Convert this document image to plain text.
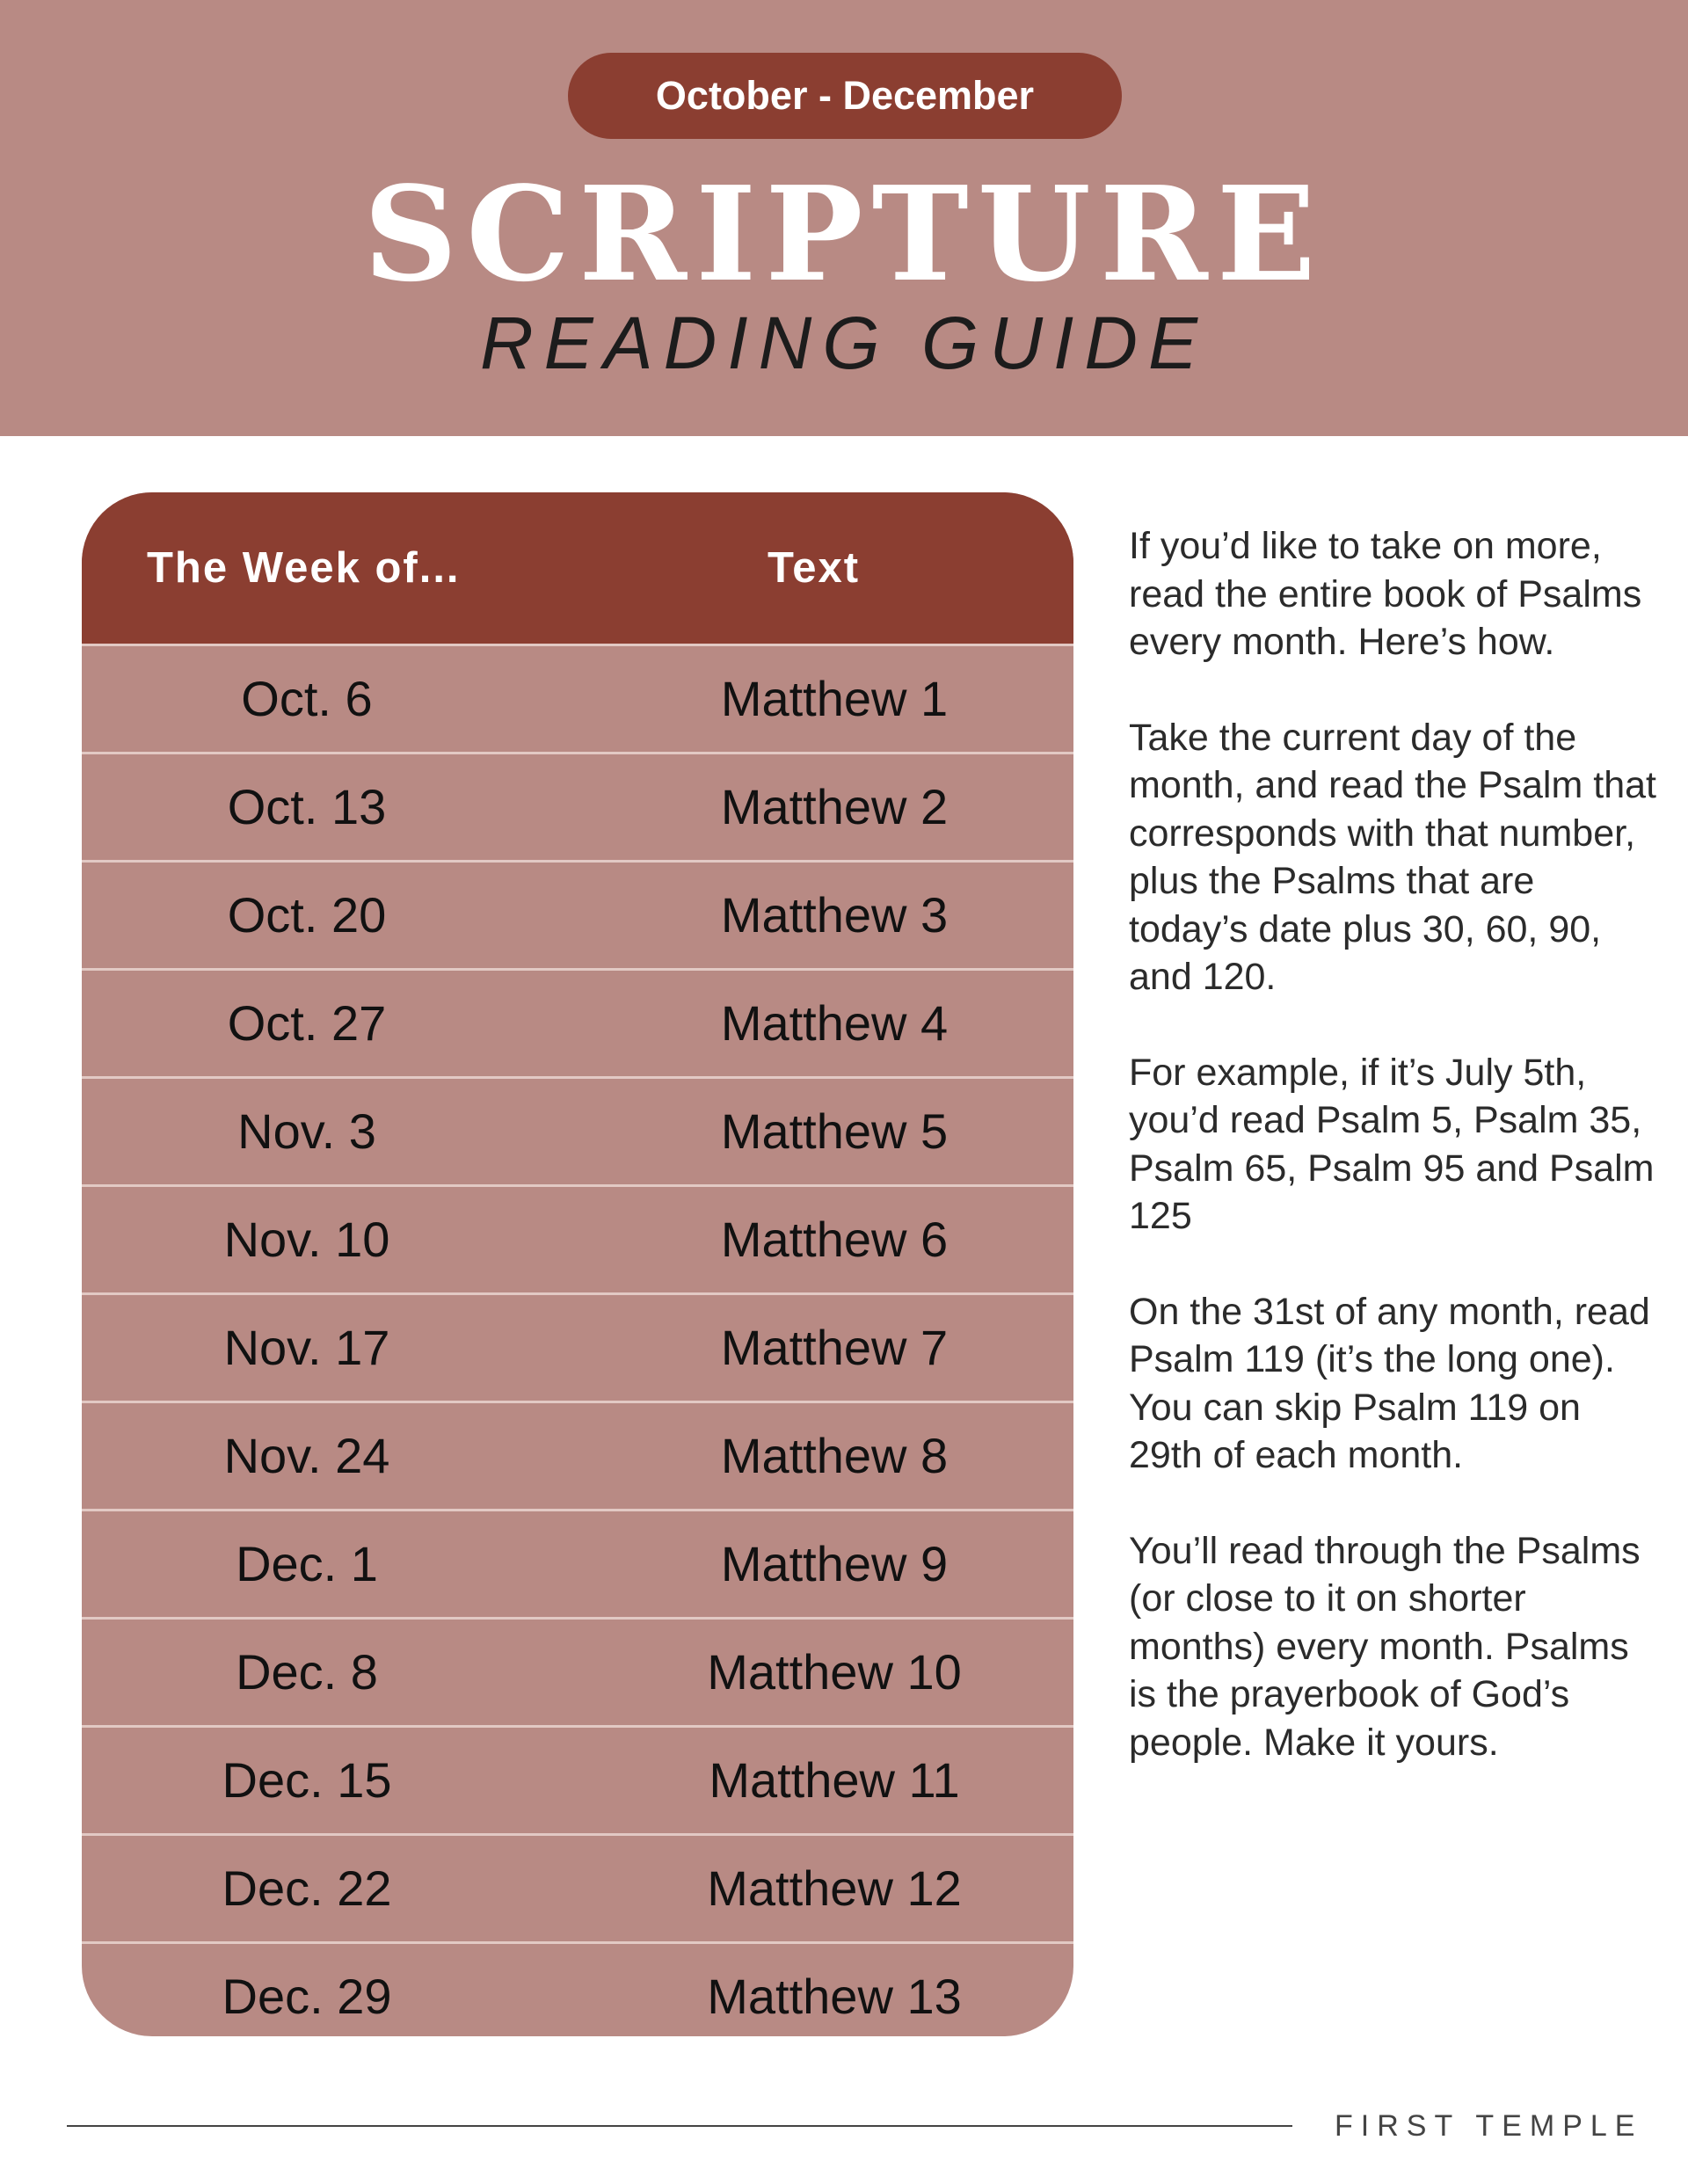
October - December
SCRIPTURE
READING GUIDE
The Week of...	Text
Oct. 6	Matthew 1
Oct. 13	Matthew 2
Oct. 20	Matthew 3
Oct. 27	Matthew 4
Nov. 3	Matthew 5
Nov. 10	Matthew 6
Nov. 17	Matthew 7
Nov. 24	Matthew 8
Dec. 1	Matthew 9
Dec. 8	Matthew 10
Dec. 15	Matthew 11
Dec. 22	Matthew 12
Dec. 29	Matthew 13

If you’d like to take on more, read the entire book of Psalms every month. Here’s how.

Take the current day of the month, and read the Psalm that corresponds with that number, plus the Psalms that are today’s date plus 30, 60, 90, and 120.

For example, if it’s July 5th, you’d read Psalm 5, Psalm 35, Psalm 65, Psalm 95 and Psalm 125

On the 31st of any month, read Psalm 119 (it’s the long one). You can skip Psalm 119 on 29th of each month.

You’ll read through the Psalms (or close to it on shorter months) every month. Psalms is the prayerbook of God’s people. Make it yours.

FIRST TEMPLE
